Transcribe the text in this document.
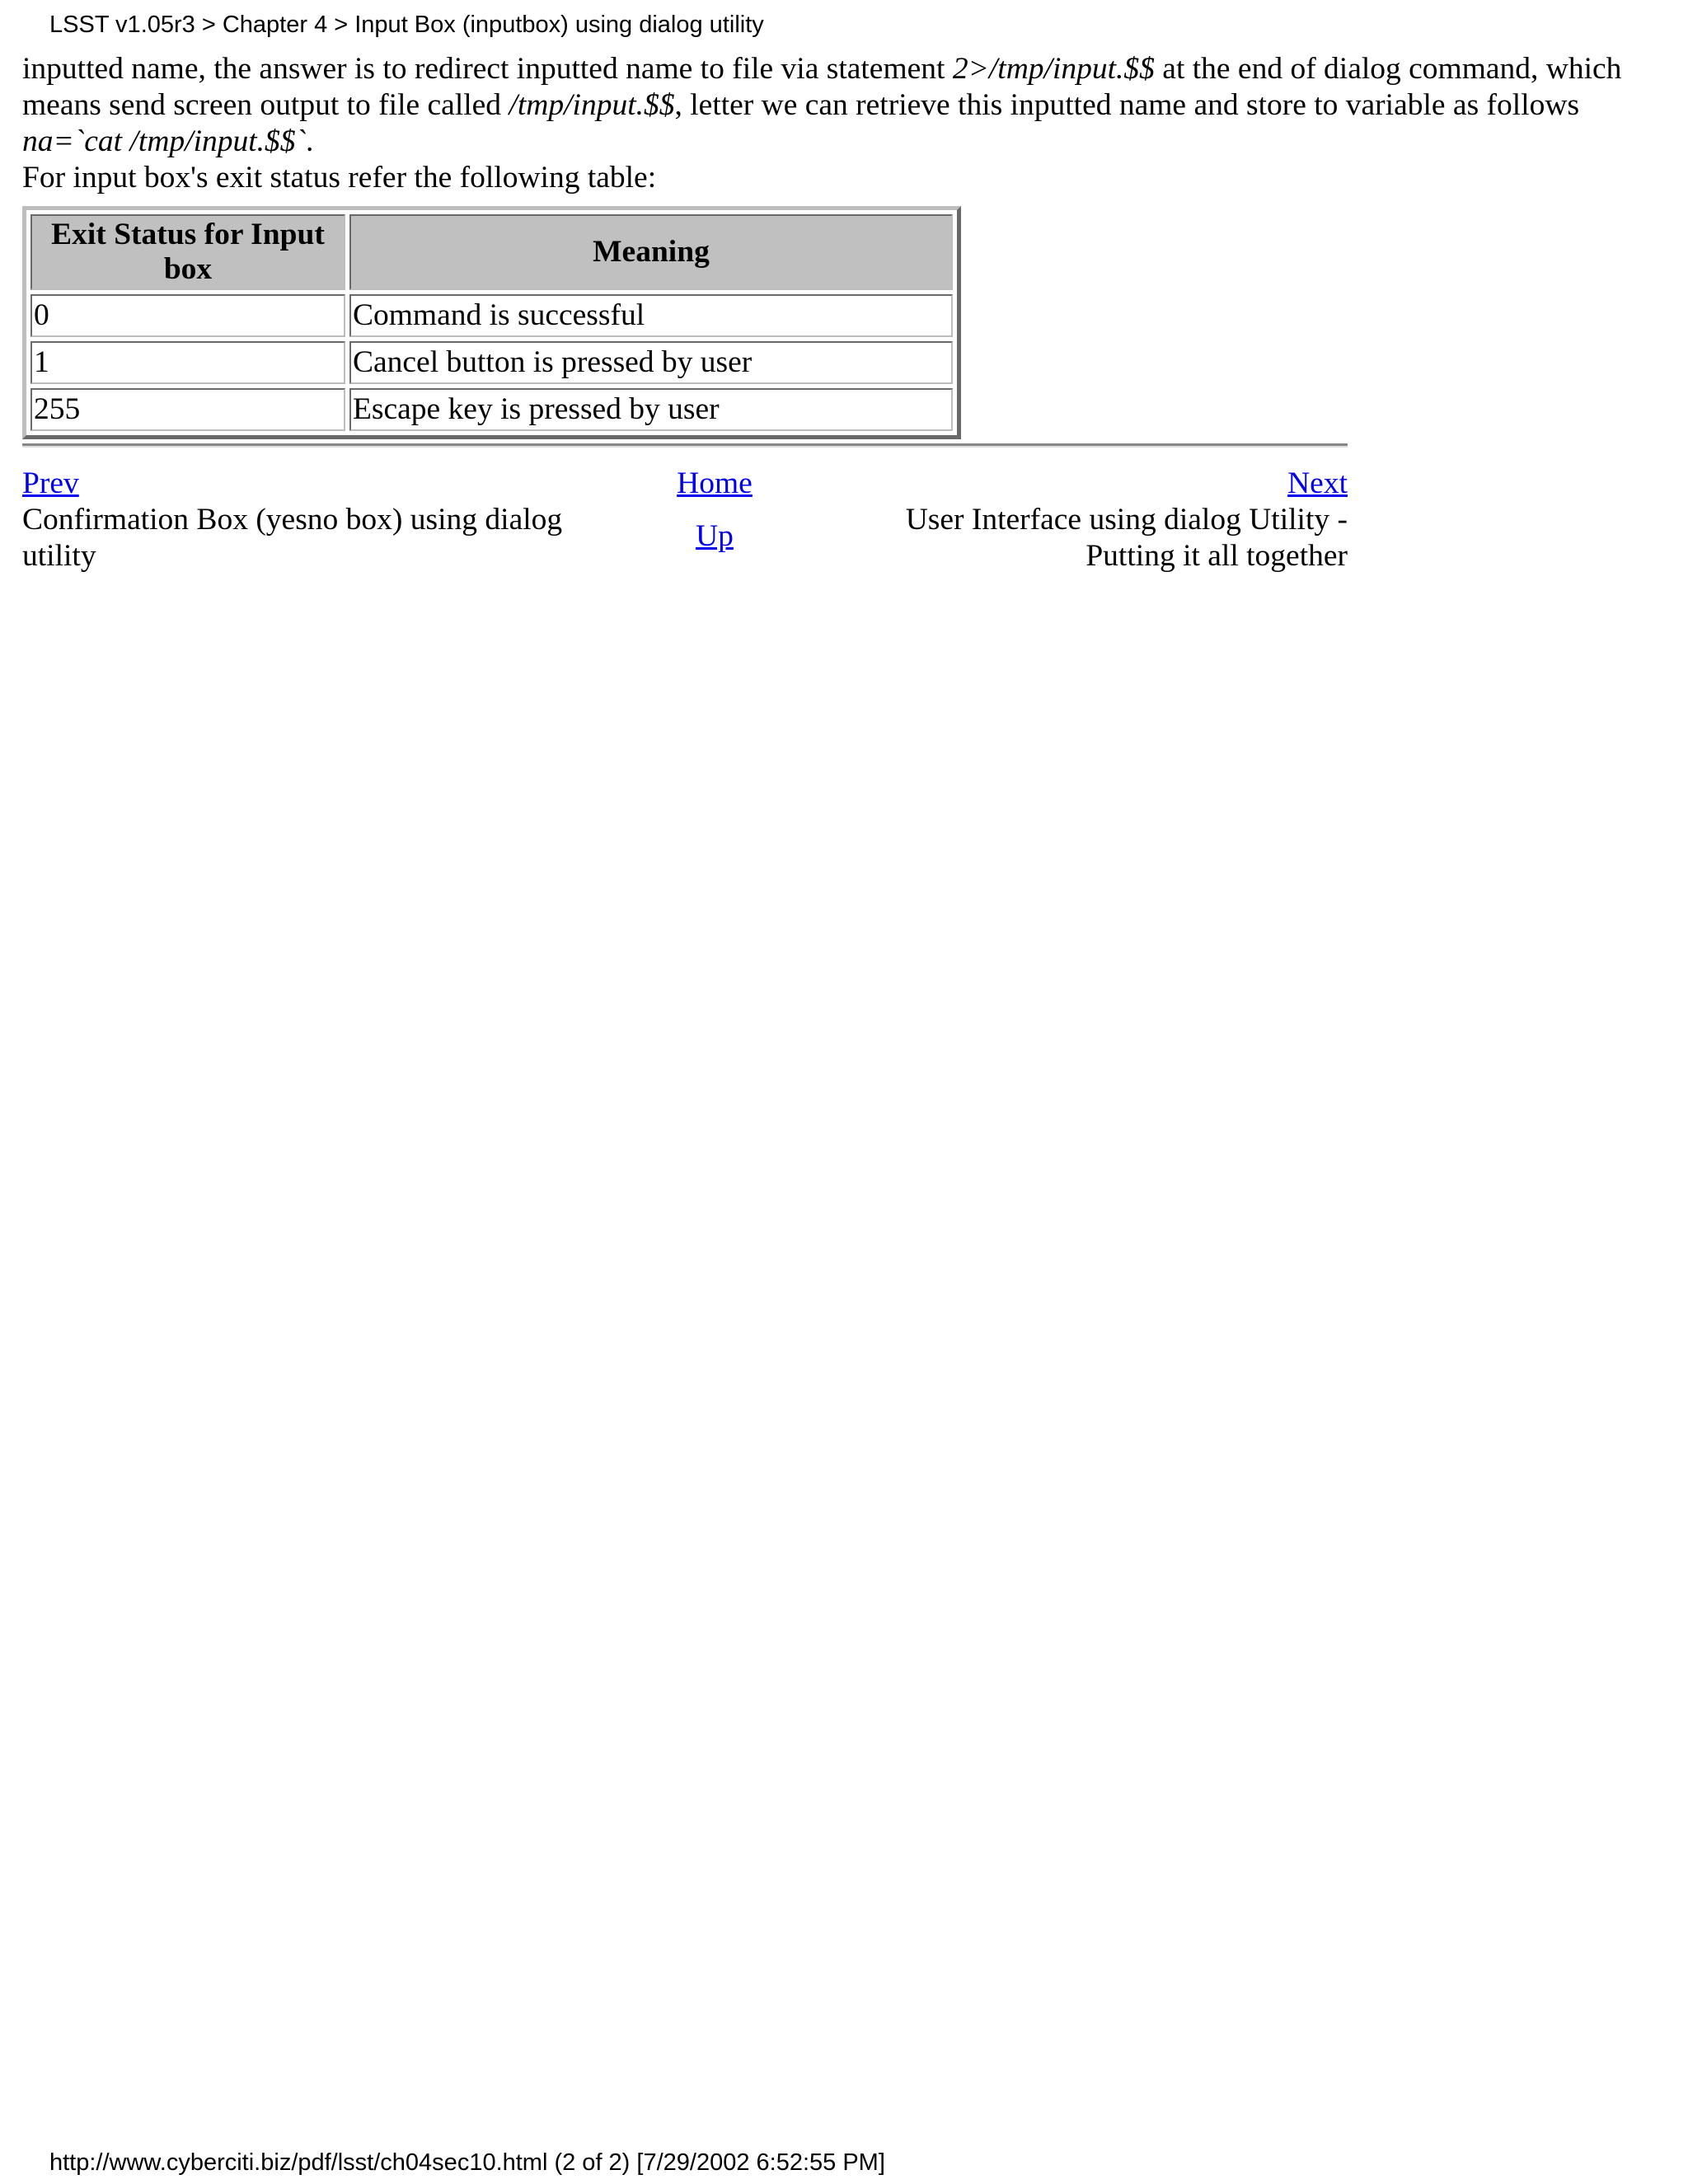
LSST v1.05r3 > Chapter 4 > Input Box (inputbox) using dialog utility

inputted name, the answer is to redirect inputted name to file via statement 2>/tmp/input.$$ at the end of dialog command, which means send screen output to file called /tmp/input.$$, letter we can retrieve this inputted name and store to variable as follows na=`cat /tmp/input.$$`.

For input box's exit status refer the following table:

Exit Status for Input box	Meaning
0	Command is successful
1	Cancel button is pressed by user
255	Escape key is pressed by user
Prev
Confirmation Box (yesno box) using dialog utility
Home
Up
Next
User Interface using dialog Utility - Putting it all together
http://www.cyberciti.biz/pdf/lsst/ch04sec10.html (2 of 2) [7/29/2002 6:52:55 PM]
